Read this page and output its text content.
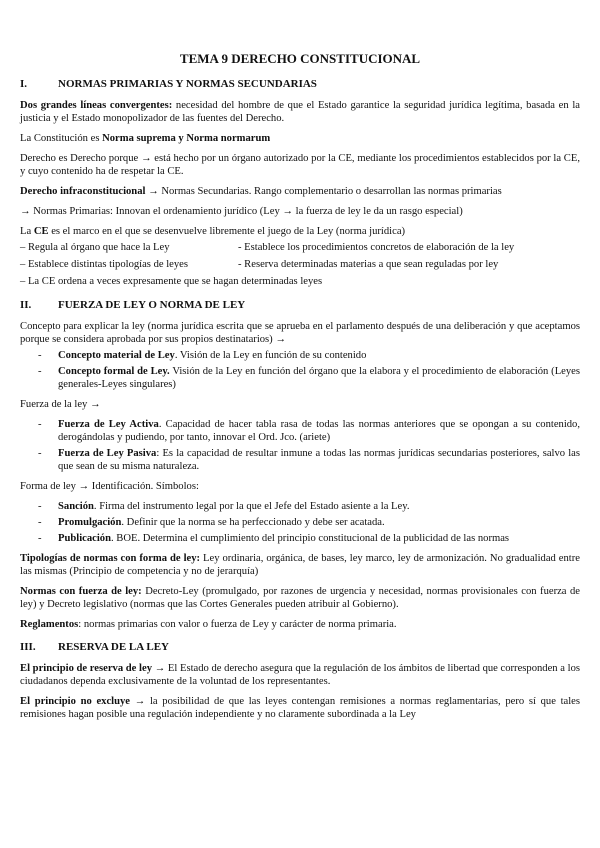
TEMA 9 DERECHO CONSTITUCIONAL
I.	NORMAS PRIMARIAS Y NORMAS SECUNDARIAS

Dos grandes líneas convergentes: necesidad del hombre de que el Estado garantice la seguridad jurídica legítima, basada en la justicia y el Estado monopolizador de las fuentes del Derecho.

La Constitución es Norma suprema y Norma normarum

Derecho es Derecho porque → está hecho por un órgano autorizado por la CE, mediante los procedimientos establecidos por la CE, y cuyo contenido ha de respetar la CE.

Derecho infraconstitucional → Normas Secundarias. Rango complementario o desarrollan las normas primarias

→ Normas Primarias: Innovan el ordenamiento jurídico (Ley → la fuerza de ley le da un rasgo especial)

La CE es el marco en el que se desenvuelve libremente el juego de la Ley (norma jurídica)

– Regula al órgano que hace la Ley	- Establece los procedimientos concretos de elaboración de la ley
– Establece distintas tipologías de leyes	- Reserva determinadas materias a que sean reguladas por ley

– La CE ordena a veces expresamente que se hagan determinadas leyes

II. FUERZA DE LEY O NORMA DE LEY

Concepto para explicar la ley (norma jurídica escrita que se aprueba en el parlamento después de una deliberación y que aceptamos porque se considera aprobada por sus propios destinatarios) →

- Concepto material de Ley. Visión de la Ley en función de su contenido
- Concepto formal de Ley. Visión de la Ley en función del órgano que la elabora y el procedimiento de elaboración (Leyes generales-Leyes singulares)

Fuerza de la ley →

- Fuerza de Ley Activa. Capacidad de hacer tabla rasa de todas las normas anteriores que se opongan a su contenido, derogándolas y pudiendo, por tanto, innovar el Ord. Jco. (ariete)
- Fuerza de Ley Pasiva: Es la capacidad de resultar inmune a todas las normas jurídicas secundarias posteriores, salvo las que sean de su misma naturaleza.

Forma de ley → Identificación. Símbolos:

- Sanción. Firma del instrumento legal por la que el Jefe del Estado asiente a la Ley.
- Promulgación. Definir que la norma se ha perfeccionado y debe ser acatada.
- Publicación. BOE. Determina el cumplimiento del principio constitucional de la publicidad de las normas

Tipologías de normas con forma de ley: Ley ordinaria, orgánica, de bases, ley marco, ley de armonización. No gradualidad entre las mismas (Principio de competencia y no de jerarquía)

Normas con fuerza de ley: Decreto-Ley (promulgado, por razones de urgencia y necesidad, normas provisionales con fuerza de ley) y Decreto legislativo (normas que las Cortes Generales pueden atribuir al Gobierno).

Reglamentos: normas primarias con valor o fuerza de Ley y carácter de norma primaria.

III. RESERVA DE LA LEY

El principio de reserva de ley → El Estado de derecho asegura que la regulación de los ámbitos de libertad que corresponden a los ciudadanos dependa exclusivamente de la voluntad de los representantes.

El principio no excluye → la posibilidad de que las leyes contengan remisiones a normas reglamentarias, pero sí que tales remisiones hagan posible una regulación independiente y no claramente subordinada a la Ley
